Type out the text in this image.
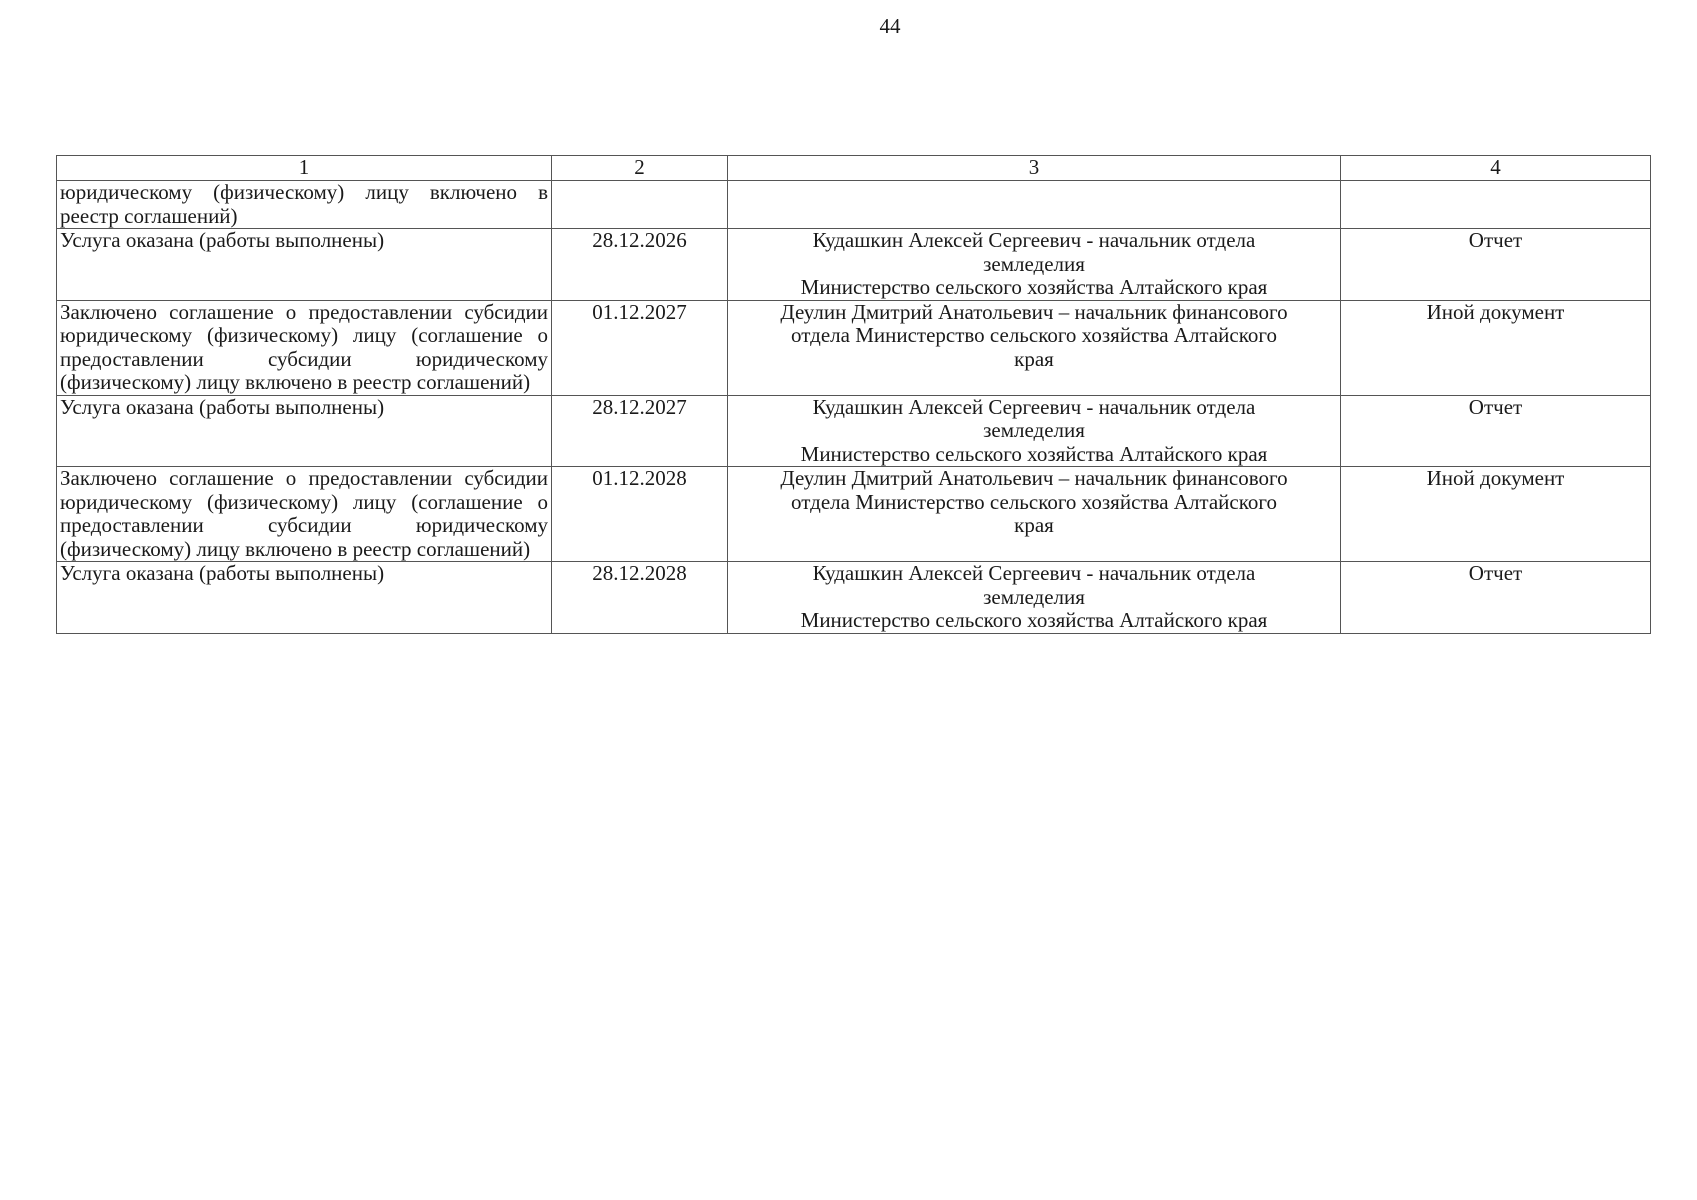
44
1	2	3	4
юридическому (физическому) лицу включено в реестр соглашений)			
Услуга оказана (работы выполнены)	28.12.2026	Кудашкин Алексей Сергеевич - начальник отдела
земледелия
Министерство сельского хозяйства Алтайского края	Отчет
Заключено соглашение о предоставлении субсидии юридическому (физическому) лицу (соглашение о предоставлении субсидии юридическому (физическому) лицу включено в реестр соглашений)	01.12.2027	Деулин Дмитрий Анатольевич – начальник финансового
отдела Министерство сельского хозяйства Алтайского
края	Иной документ
Услуга оказана (работы выполнены)	28.12.2027	Кудашкин Алексей Сергеевич - начальник отдела
земледелия
Министерство сельского хозяйства Алтайского края	Отчет
Заключено соглашение о предоставлении субсидии юридическому (физическому) лицу (соглашение о предоставлении субсидии юридическому (физическому) лицу включено в реестр соглашений)	01.12.2028	Деулин Дмитрий Анатольевич – начальник финансового
отдела Министерство сельского хозяйства Алтайского
края	Иной документ
Услуга оказана (работы выполнены)	28.12.2028	Кудашкин Алексей Сергеевич - начальник отдела
земледелия
Министерство сельского хозяйства Алтайского края	Отчет
